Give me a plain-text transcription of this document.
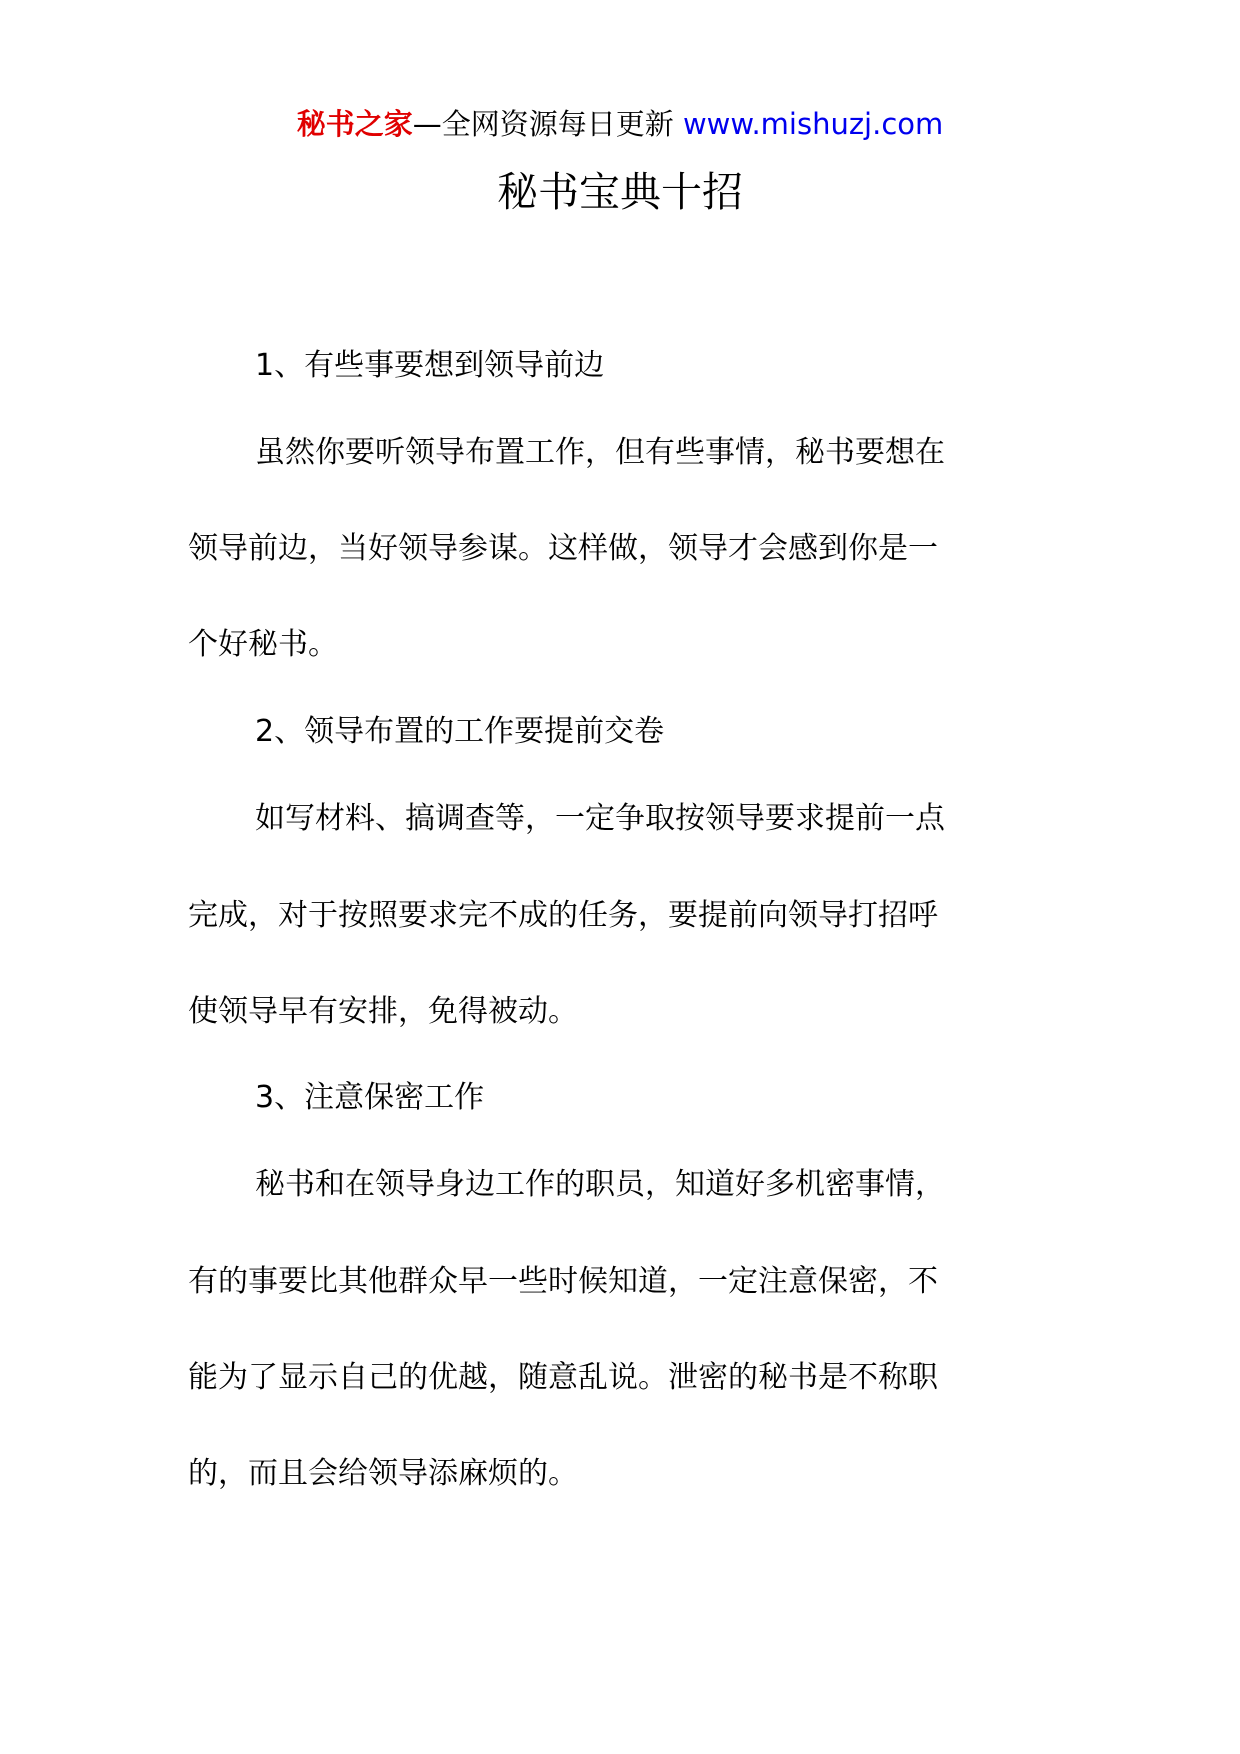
秘书之家—全网资源每日更新 www.mishuzj.com
秘书宝典十招
1、有些事要想到领导前边
虽然你要听领导布置工作，但有些事情，秘书要想在
领导前边，当好领导参谋。这样做，领导才会感到你是一
个好秘书。
2、领导布置的工作要提前交卷
如写材料、搞调查等，一定争取按领导要求提前一点
完成，对于按照要求完不成的任务，要提前向领导打招呼
使领导早有安排，免得被动。
3、注意保密工作
秘书和在领导身边工作的职员，知道好多机密事情，
有的事要比其他群众早一些时候知道，一定注意保密，不
能为了显示自己的优越，随意乱说。泄密的秘书是不称职
的，而且会给领导添麻烦的。
